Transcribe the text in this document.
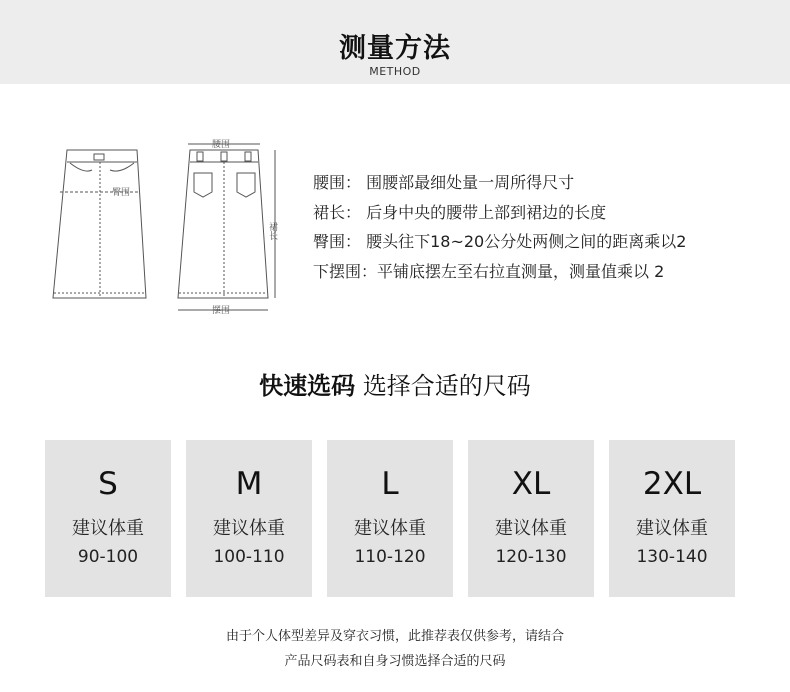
测量方法
METHOD
臀围
腰围
裙长
摆围
腰围： 围腰部最细处量一周所得尺寸
裙长： 后身中央的腰带上部到裙边的长度
臀围： 腰头往下18~20公分处两侧之间的距离乘以2
下摆围：平铺底摆左至右拉直测量，测量值乘以 2
快速选码 选择合适的尺码
S
建议体重
90-100
M
建议体重
100-110
L
建议体重
110-120
XL
建议体重
120-130
2XL
建议体重
130-140
由于个人体型差异及穿衣习惯，此推荐表仅供参考，请结合
产品尺码表和自身习惯选择合适的尺码
